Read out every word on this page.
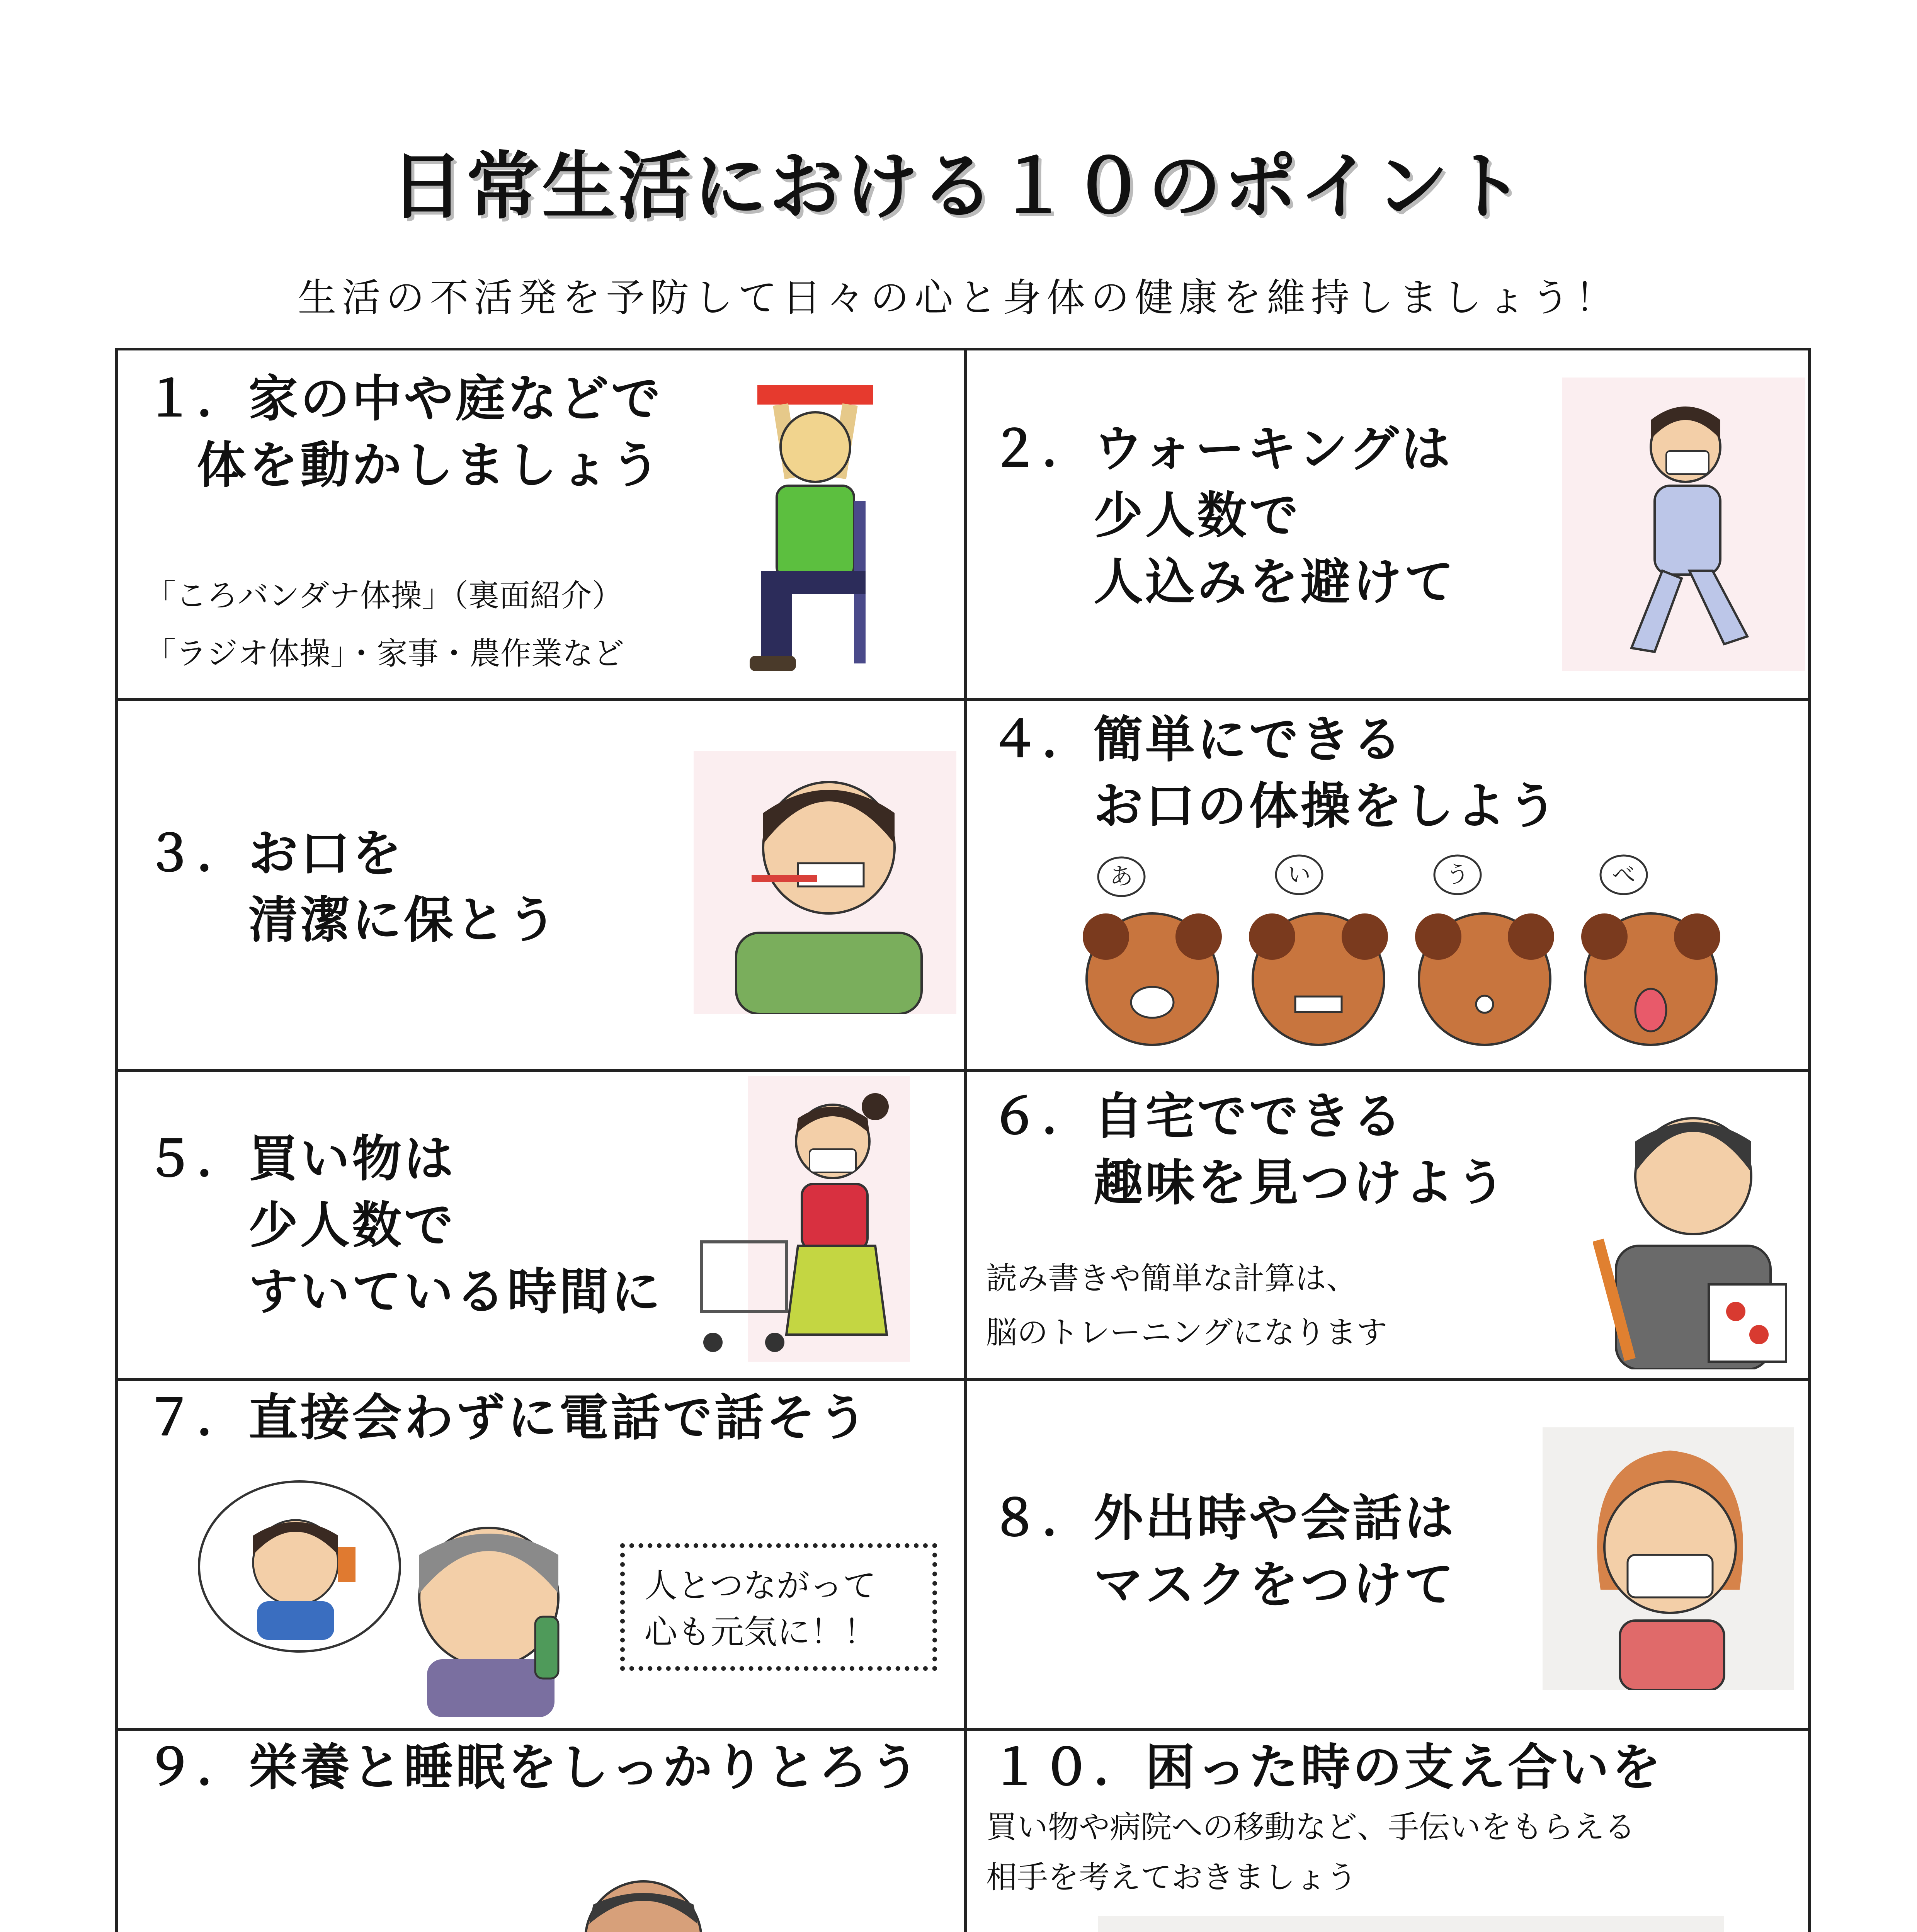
日常生活における１０のポイント
生活の不活発を予防して日々の心と身体の健康を維持しましょう！
１．家の中や庭などで
　体を動かしましょう
「ころバンダナ体操」（裏面紹介）
「ラジオ体操」・家事・農作業など
２．ウォーキングは
　　少人数で
　　人込みを避けて
３．お口を
　　清潔に保とう
４．簡単にできる
　　お口の体操をしよう
あ	い	う	べ
５．買い物は
　　少人数で
　　すいている時間に
６．自宅でできる
　　趣味を見つけよう
読み書きや簡単な計算は、
脳のトレーニングになります
７．直接会わずに電話で話そう
人とつながって
心も元気に！！
８．外出時や会話は
　　マスクをつけて
９．栄養と睡眠をしっかりとろう １０．困った時の支え合いを
買い物や病院への移動など、手伝いをもらえる
相手を考えておきましょう
